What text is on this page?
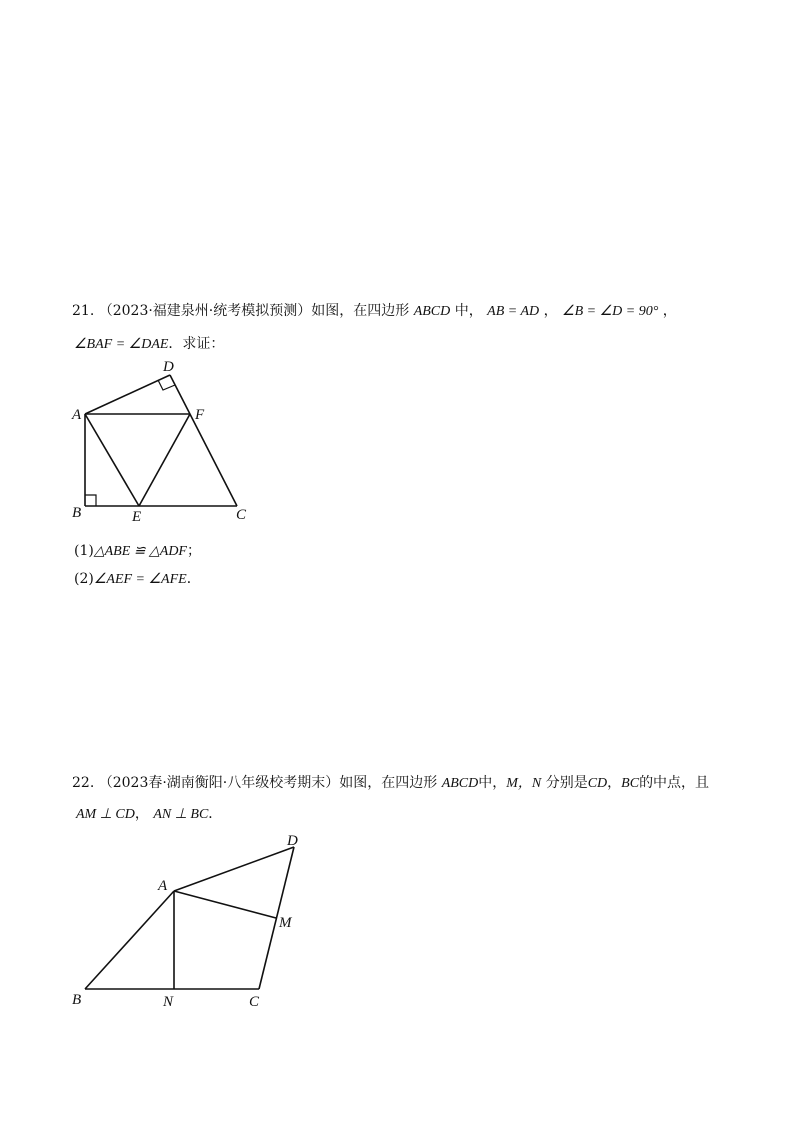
21. （2023·福建泉州·统考模拟预测）如图，在四边形 ABCD 中， AB = AD ， ∠B = ∠D = 90° ，
∠BAF = ∠DAE．求证：
A
B	C
D
E
F
(1)△ABE ≌ △ADF；
(2)∠AEF = ∠AFE．
22. （2023春·湖南衡阳·八年级校考期末）如图，在四边形 ABCD中，M，N 分别是CD，BC的中点，且
AM ⊥ CD， AN ⊥ BC．
A
B	C
D
M
N
